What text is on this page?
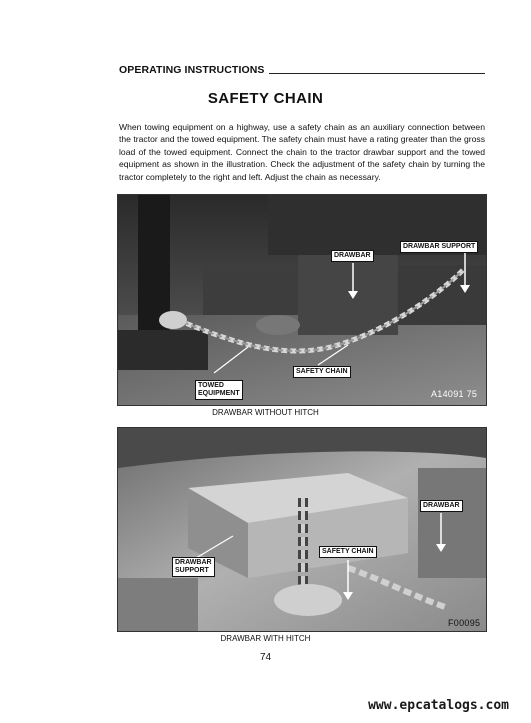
OPERATING INSTRUCTIONS
SAFETY CHAIN
When towing equipment on a highway, use a safety chain as an auxiliary connection between the tractor and the towed equipment. The safety chain must have a rating greater than the gross load of the towed equipment. Connect the chain to the tractor drawbar support and the towed equipment as shown in the illustration. Check the adjustment of the safety chain by turning the tractor completely to the right and left. Adjust the chain as necessary.
DRAWBAR
DRAWBAR SUPPORT
SAFETY CHAIN
TOWED
EQUIPMENT	A14091 75
DRAWBAR WITHOUT HITCH
DRAWBAR
SAFETY CHAIN
DRAWBAR
SUPPORT
F00095
DRAWBAR WITH HITCH
74
www.epcatalogs.com
